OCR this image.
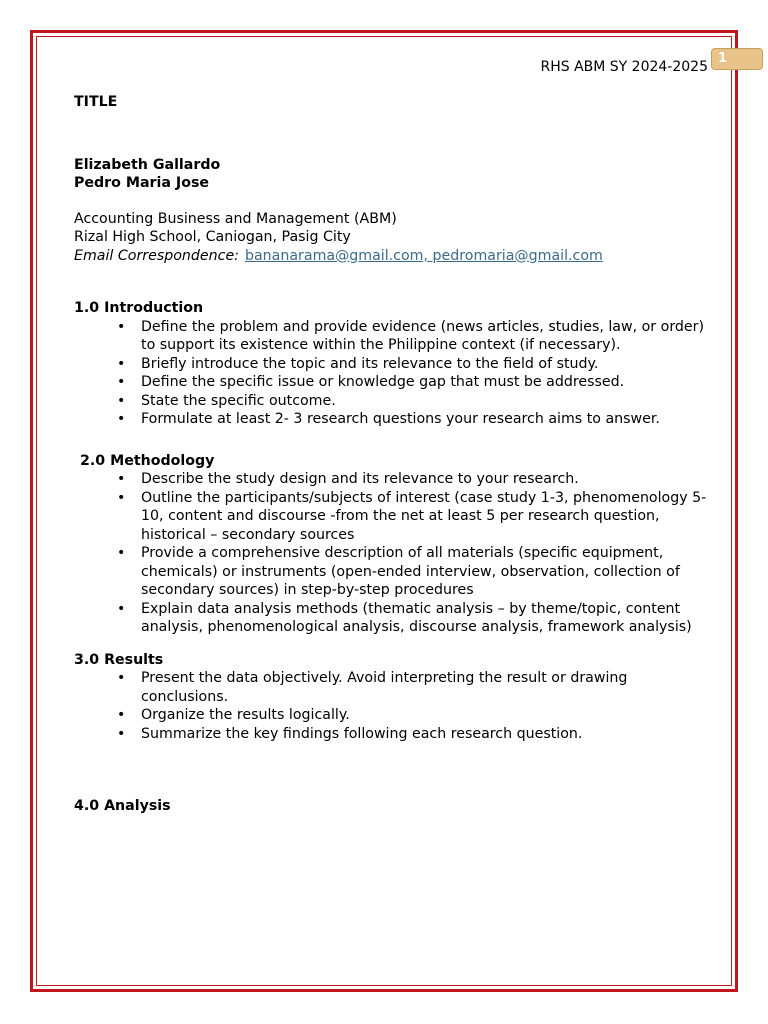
RHS ABM SY 2024-2025
1
TITLE
Elizabeth Gallardo
Pedro Maria Jose
Accounting Business and Management (ABM)
Rizal High School, Caniogan, Pasig City
Email Correspondence: bananarama@gmail.com, pedromaria@gmail.com
1.0 Introduction
• Define the problem and provide evidence (news articles, studies, law, or order) to support its existence within the Philippine context (if necessary).
• Briefly introduce the topic and its relevance to the field of study.
• Define the specific issue or knowledge gap that must be addressed.
• State the specific outcome.
• Formulate at least 2- 3 research questions your research aims to answer.
2.0 Methodology
• Describe the study design and its relevance to your research.
• Outline the participants/subjects of interest (case study 1-3, phenomenology 5-10, content and discourse -from the net at least 5 per research question, historical – secondary sources
• Provide a comprehensive description of all materials (specific equipment, chemicals) or instruments (open-ended interview, observation, collection of secondary sources) in step-by-step procedures
• Explain data analysis methods (thematic analysis – by theme/topic, content analysis, phenomenological analysis, discourse analysis, framework analysis)
3.0 Results
• Present the data objectively. Avoid interpreting the result or drawing conclusions.
• Organize the results logically.
• Summarize the key findings following each research question.
4.0 Analysis
